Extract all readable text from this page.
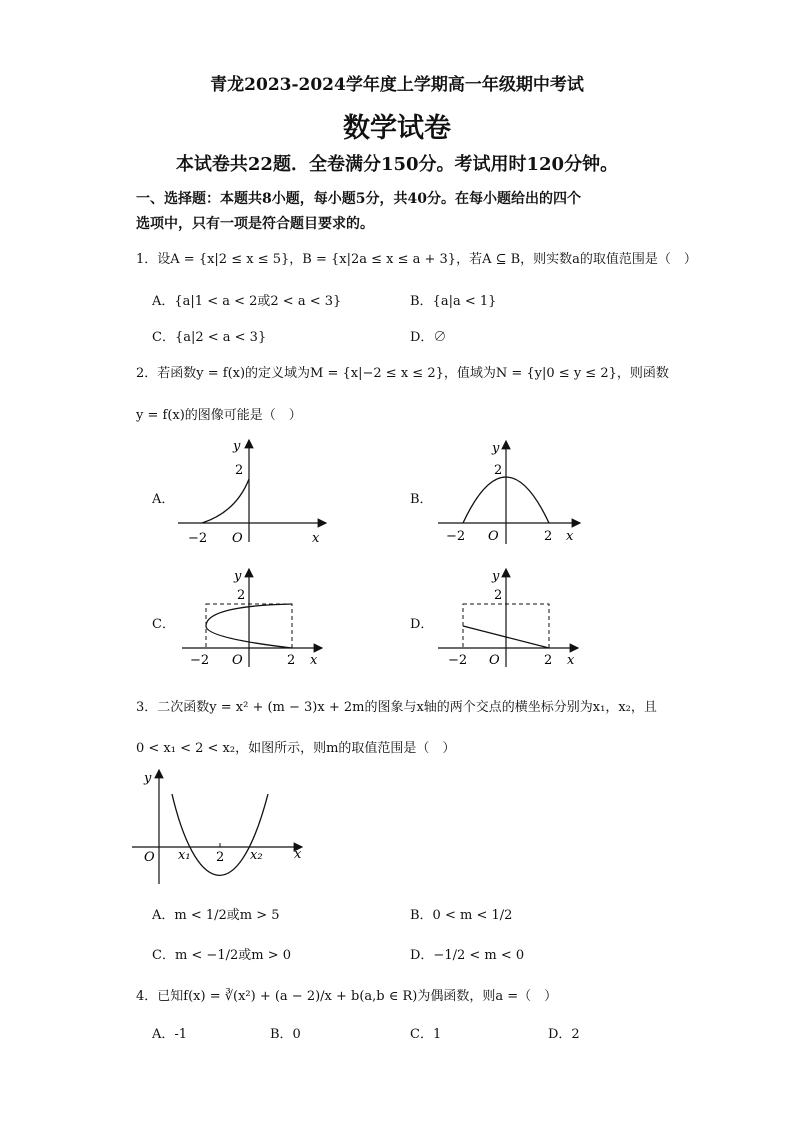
青龙2023-2024学年度上学期高一年级期中考试
数学试卷
本试卷共22题．全卷满分150分。考试用时120分钟。
一、选择题：本题共8小题，每小题5分，共40分。在每小题给出的四个
选项中，只有一项是符合题目要求的。
1．设A = {x|2 ≤ x ≤ 5}，B = {x|2a ≤ x ≤ a + 3}，若A ⊆ B，则实数a的取值范围是（　）
A．{a|1 < a < 2或2 < a < 3}	B．{a|a < 1}
C．{a|2 < a < 3}	D．∅
2．若函数y = f(x)的定义域为M = {x|−2 ≤ x ≤ 2}，值域为N = {y|0 ≤ y ≤ 2}，则函数
y = f(x)的图像可能是（　）
A．	B．
C．	D．
y
2
−2 O	x
y
2
−2 O	2 x
y
2
−2 O	2 x
y
2
−2 O	2 x
3．二次函数y = x² + (m − 3)x + 2m的图象与x轴的两个交点的横坐标分别为x₁，x₂，且
0 < x₁ < 2 < x₂，如图所示，则m的取值范围是（　）
y
O x₁ 2 x₂ x
A．m < 1/2或m > 5	B．0 < m < 1/2
C．m < −1/2或m > 0	D．−1/2 < m < 0
4．已知f(x) = ∛(x²) + (a − 2)/x + b(a,b ∈ R)为偶函数，则a =（　）
A．-1	B．0	C．1	D．2
